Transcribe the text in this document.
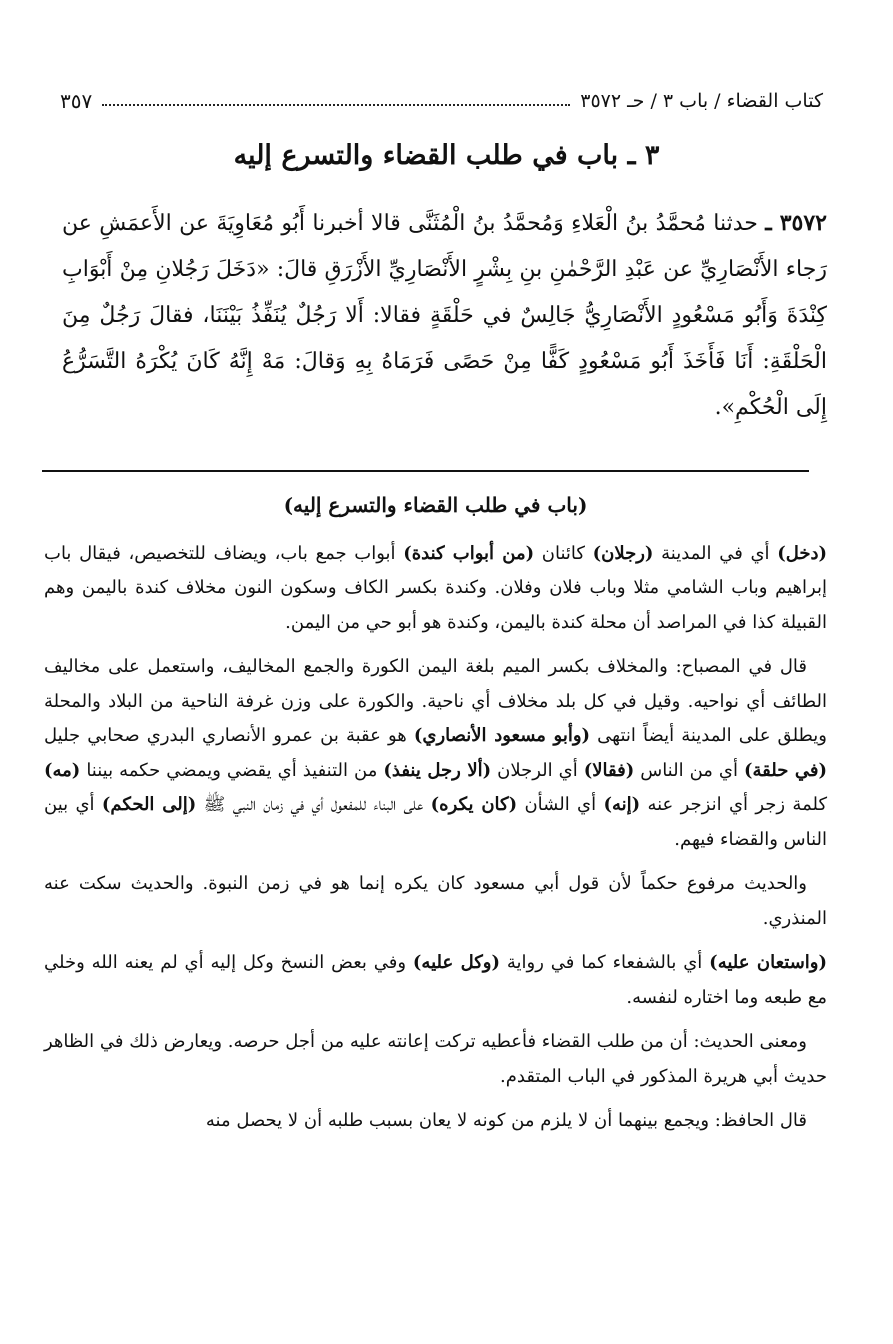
كتاب القضاء / باب ٣ / حـ ٣٥٧٢
٣٥٧
٣ ـ باب في طلب القضاء والتسرع إليه
٣٥٧٢ ـ حدثنا مُحمَّدُ بنُ الْعَلاءِ وَمُحمَّدُ بنُ الْمُثَنَّى قالا أخبرنا أَبُو مُعَاوِيَةَ عن الأَعمَشِ عن رَجاء الأَنْصَارِيِّ عن عَبْدِ الرَّحْمٰنِ بنِ بِشْرٍ الأَنْصَارِيِّ الأَزْرَقِ قالَ: «دَخَلَ رَجُلانِ مِنْ أَبْوَابِ كِنْدَةَ وَأَبُو مَسْعُودٍ الأَنْصَارِيُّ جَالِسٌ في حَلْقَةٍ فقالا: أَلا رَجُلٌ يُنَفِّذُ بَيْنَنَا، فقالَ رَجُلٌ مِنَ الْحَلْقَةِ: أَنَا فَأَخَذَ أَبُو مَسْعُودٍ كَفًّا مِنْ حَصًى فَرَمَاهُ بِهِ وَقالَ: مَهْ إِنَّهُ كَانَ يُكْرَهُ التَّسَرُّعُ إِلَى الْحُكْمِ».
(باب في طلب القضاء والتسرع إليه)

(دخل) أي في المدينة (رجلان) كائنان (من أبواب كندة) أبواب جمع باب، ويضاف للتخصيص، فيقال باب إبراهيم وباب الشامي مثلا وباب فلان وفلان. وكندة بكسر الكاف وسكون النون مخلاف كندة باليمن وهم القبيلة كذا في المراصد أن محلة كندة باليمن، وكندة هو أبو حي من اليمن.

قال في المصباح: والمخلاف بكسر الميم بلغة اليمن الكورة والجمع المخاليف، واستعمل على مخاليف الطائف أي نواحيه. وقيل في كل بلد مخلاف أي ناحية. والكورة على وزن غرفة الناحية من البلاد والمحلة ويطلق على المدينة أيضاً انتهى (وأبو مسعود الأنصاري) هو عقبة بن عمرو الأنصاري البدري صحابي جليل (في حلقة) أي من الناس (فقالا) أي الرجلان (ألا رجل ينفذ) من التنفيذ أي يقضي ويمضي حكمه بيننا (مه) كلمة زجر أي انزجر عنه (إنه) أي الشأن (كان يكره) على البناء للمفعول أي في زمان النبي ﷺ (إلى الحكم) أي بين الناس والقضاء فيهم.

والحديث مرفوع حكماً لأن قول أبي مسعود كان يكره إنما هو في زمن النبوة. والحديث سكت عنه المنذري.

(واستعان عليه) أي بالشفعاء كما في رواية (وكل عليه) وفي بعض النسخ وكل إليه أي لم يعنه الله وخلي مع طبعه وما اختاره لنفسه.

ومعنى الحديث: أن من طلب القضاء فأعطيه تركت إعانته عليه من أجل حرصه. ويعارض ذلك في الظاهر حديث أبي هريرة المذكور في الباب المتقدم.

قال الحافظ: ويجمع بينهما أن لا يلزم من كونه لا يعان بسبب طلبه أن لا يحصل منه
